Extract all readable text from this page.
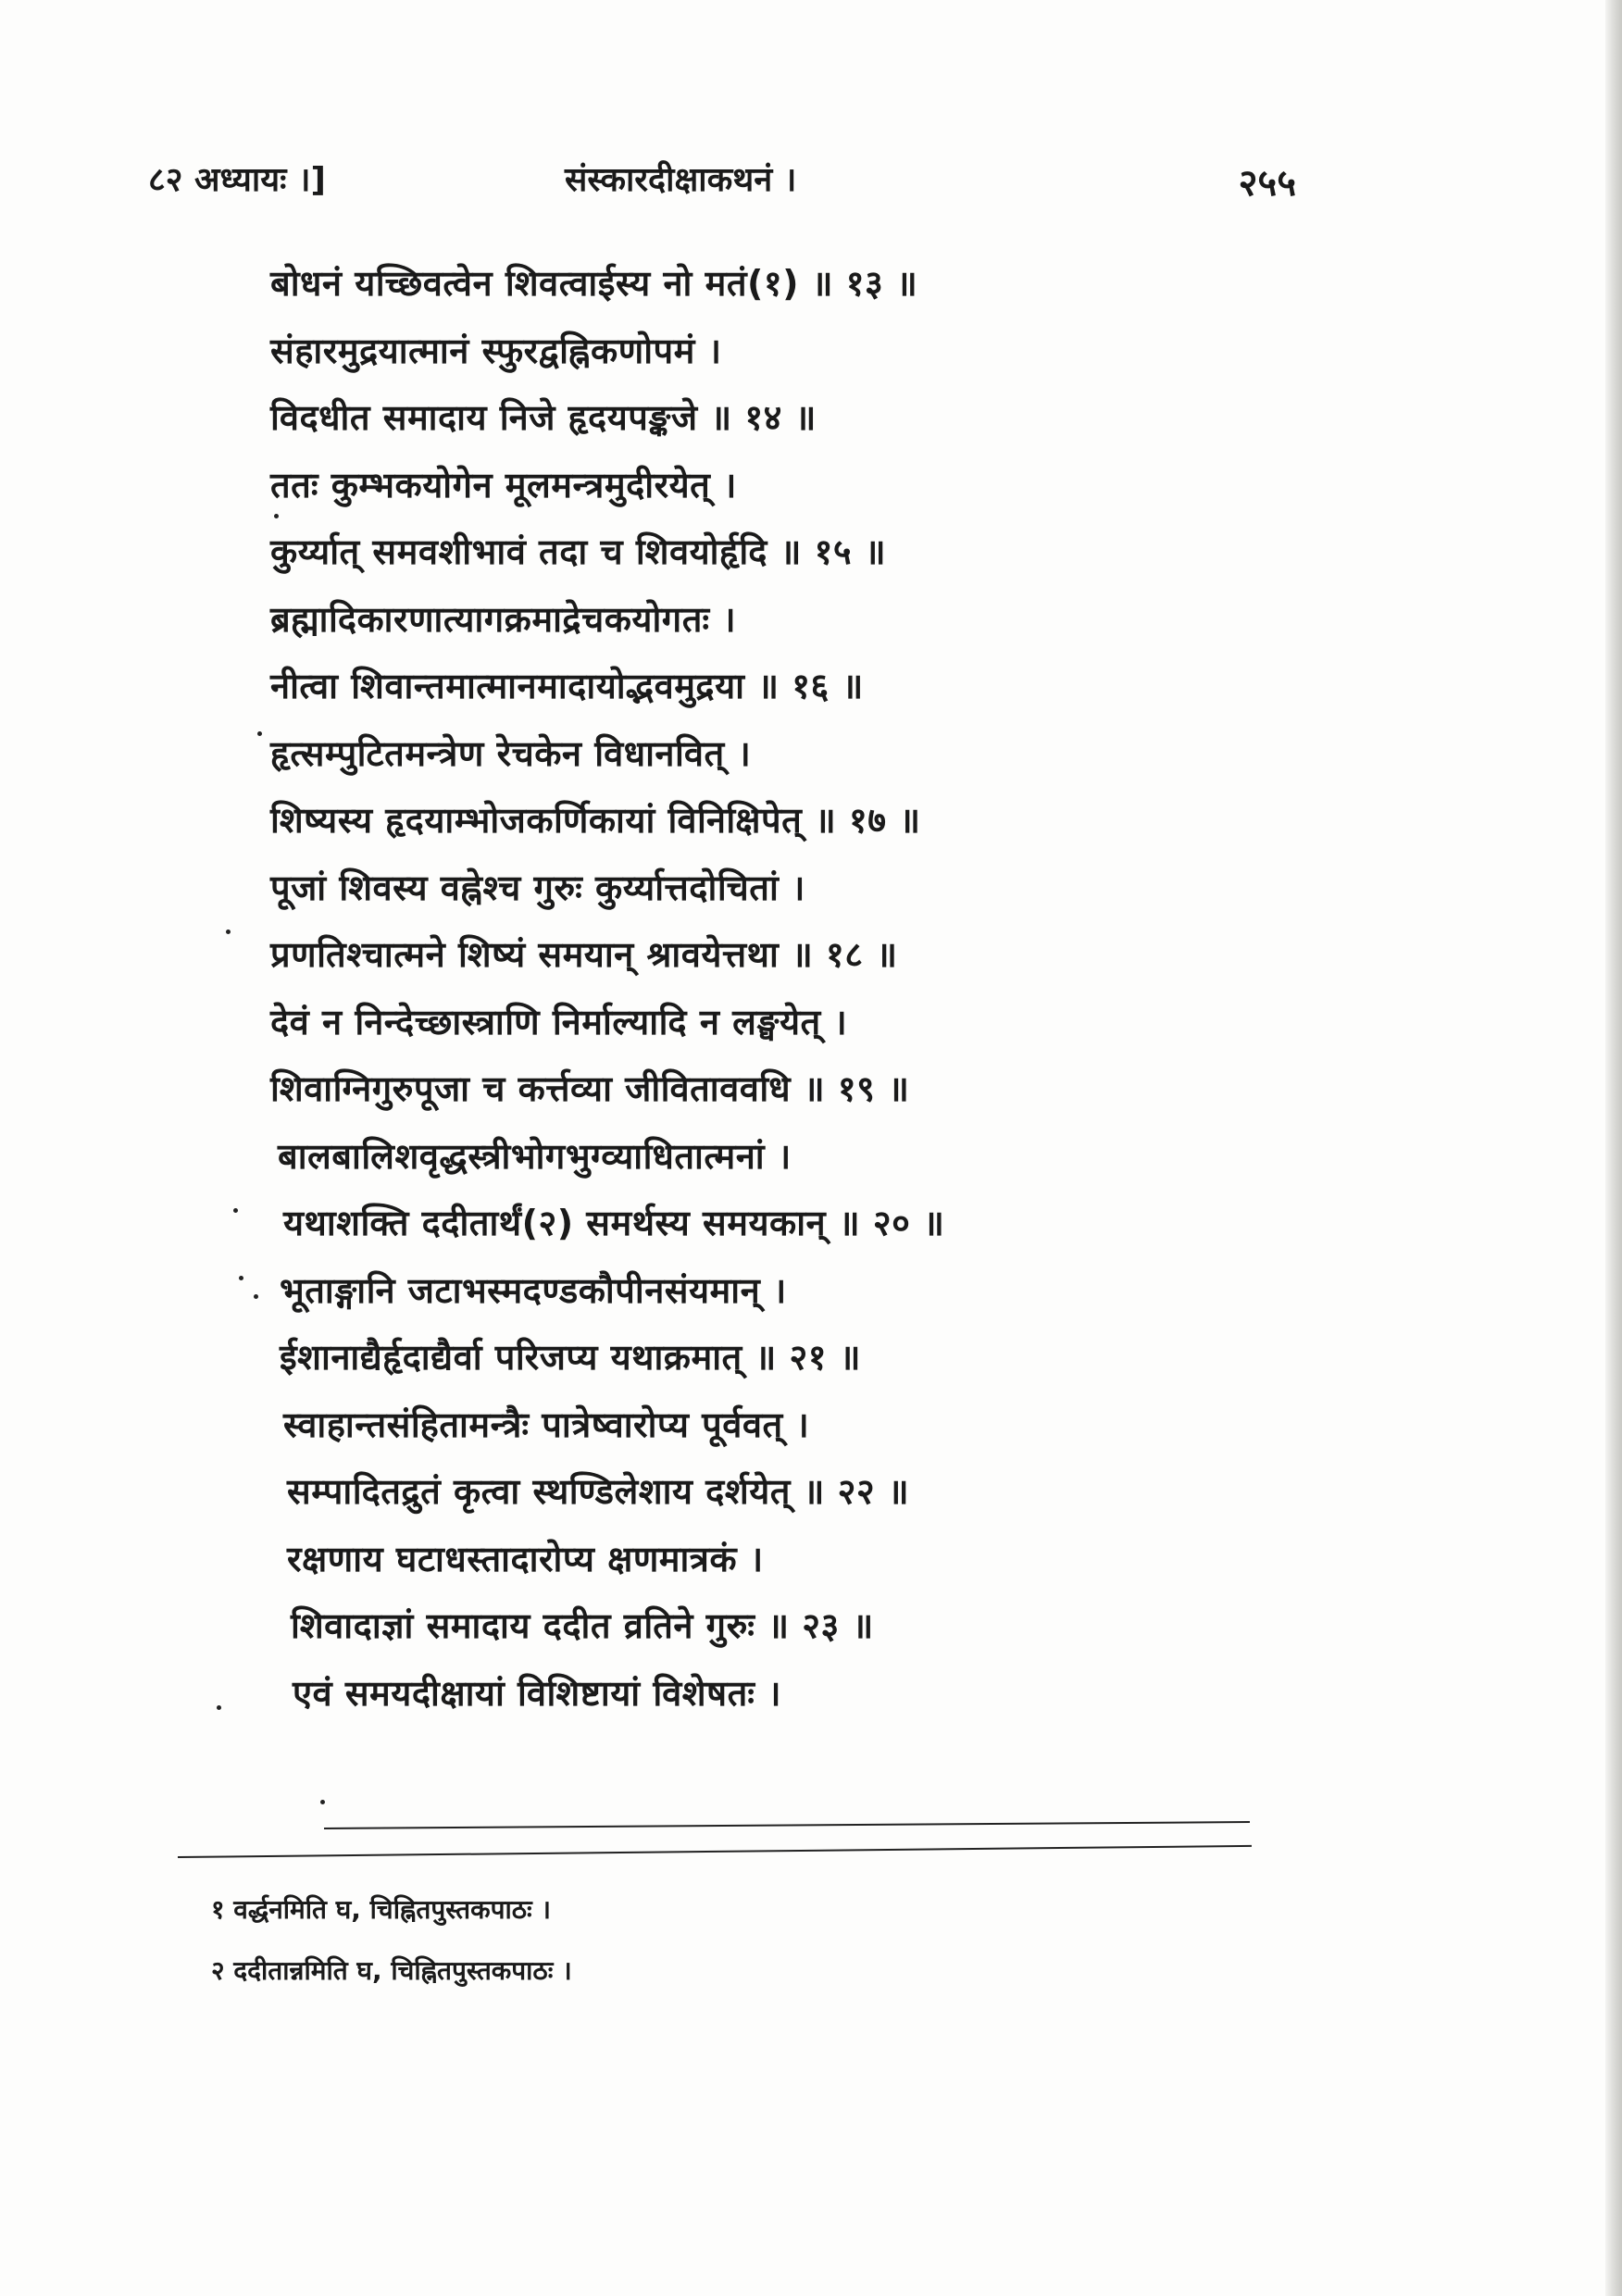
८२ अध्यायः ।]	संस्कारदीक्षाकथनं ।	२५५
बोधनं यच्छिवत्वेन शिवत्वाईस्य नो मतं(१) ॥ १३ ॥
संहारमुद्रयात्मानं स्फुरद्वह्निकणोपमं ।
विदधीत समादाय निजे हृदयपङ्कजे ॥ १४ ॥
ततः कुम्भकयोगेन मूलमन्त्रमुदीरयेत् ।
कुर्य्यात् समवशीभावं तदा च शिवयोर्हृदि ॥ १५ ॥
ब्रह्मादिकारणात्यागक्रमाद्रेचकयोगतः ।
नीत्वा शिवान्तमात्मानमादायोद्भवमुद्रया ॥ १६ ॥
हृत्सम्पुटितमन्त्रेण रेचकेन विधानवित् ।
शिष्यस्य हृदयाम्भोजकर्णिकायां विनिक्षिपेत् ॥ १७ ॥
पूजां शिवस्य वह्नेश्च गुरुः कुर्य्यात्तदोचितां ।
प्रणतिश्चात्मने शिष्यं समयान् श्रावयेत्तथा ॥ १८ ॥
देवं न निन्देच्छास्त्राणि निर्माल्यादि न लङ्घयेत् ।
शिवाग्निगुरुपूजा च कर्त्तव्या जीविताववधि ॥ १९ ॥
बालबालिशवृद्धस्त्रीभोगभुग्व्याधितात्मनां ।
यथाशक्ति ददीतार्थं(२) समर्थस्य समयकान् ॥ २० ॥
भूताङ्गानि जटाभस्मदण्डकौपीनसंयमान् ।
ईशानाद्यैर्हृदाद्यैर्वा परिजप्य यथाक्रमात् ॥ २१ ॥
स्वाहान्तसंहितामन्त्रैः पात्रेष्वारोप्य पूर्ववत् ।
सम्पादितद्रुतं कृत्वा स्थण्डिलेशाय दर्शयेत् ॥ २२ ॥
रक्षणाय घटाधस्तादारोप्य क्षणमात्रकं ।
शिवादाज्ञां समादाय ददीत व्रतिने गुरुः ॥ २३ ॥
एवं समयदीक्षायां विशिष्टायां विशेषतः ।
१ वर्द्धनमिति घ, चिह्नितपुस्तकपाठः ।
२ ददीतान्नमिति घ, चिह्नितपुस्तकपाठः ।
